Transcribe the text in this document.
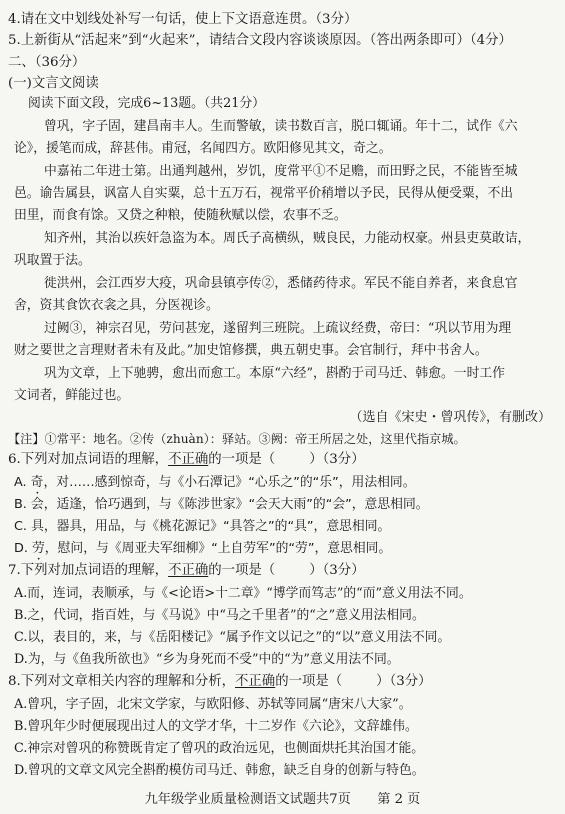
4.请在文中划线处补写一句话，使上下文语意连贯。（3分）
5.上新街从“活起来”到“火起来”，请结合文段内容谈谈原因。（答出两条即可）（4分）
二、（36分）
(一)文言文阅读
阅读下面文段，完成6~13题。（共21分）
曾巩，字子固，建昌南丰人。生而警敏，读书数百言，脱口辄诵。年十二，试作《六
论》，援笔而成，辞甚伟。甫冠，名闻四方。欧阳修见其文，奇之。
中嘉祐二年进士第。出通判越州，岁饥，度常平①不足赡，而田野之民，不能皆至城
邑。谕告属县，讽富人自实粟，总十五万石，视常平价稍增以予民，民得从便受粟，不出
田里，而食有馀。又贷之种粮，使随秋赋以偿，农事不乏。
知齐州，其治以疾奸急盗为本。周氏子高横纵，贼良民，力能动权豪。州县吏莫敢诘，
巩取置于法。
徙洪州，会江西岁大疫，巩命县镇亭传②，悉储药待求。军民不能自养者，来食息官
舍，资其食饮衣衾之具，分医视诊。
过阙③，神宗召见，劳问甚宠，遂留判三班院。上疏议经费，帝曰：“巩以节用为理
财之要世之言理财者未有及此。”加史馆修撰，典五朝史事。会官制行，拜中书舍人。
巩为文章，上下驰骋，愈出而愈工。本原“六经”，斟酌于司马迁、韩愈。一时工作
文词者，鲜能过也。
（选自《宋史・曾巩传》，有删改）
【注】①常平：地名。②传（zhuàn）：驿站。③阙：帝王所居之处，这里代指京城。
6.下列对加点词语的理解，不正确的一项是（	）（3分）
A. 奇，对……感到惊奇，与《小石潭记》“心乐之”的“乐”，用法相同。
B. 会，适逢，恰巧遇到，与《陈涉世家》“会天大雨”的“会”，意思相同。
C. 具，器具，用品，与《桃花源记》“具答之”的“具”，意思相同。
D. 劳，慰问，与《周亚夫军细柳》“上自劳军”的“劳”，意思相同。
7.下列对加点词语的理解，不正确的一项是（	）（3分）
A.而，连词，表顺承，与《<论语>十二章》“博学而笃志”的“而”意义用法不同。
B.之，代词，指百姓，与《马说》中“马之千里者”的“之”意义用法相同。
C.以，表目的，来，与《岳阳楼记》“属予作文以记之”的“以”意义用法不同。
D.为，与《鱼我所欲也》“乡为身死而不受”中的“为”意义用法不同。
8.下列对文章相关内容的理解和分析，不正确的一项是（	）（3分）
A.曾巩，字子固，北宋文学家，与欧阳修、苏轼等同属“唐宋八大家”。
B.曾巩年少时便展现出过人的文学才华，十二岁作《六论》，文辞雄伟。
C.神宗对曾巩的称赞既肯定了曾巩的政治远见，也侧面烘托其治国才能。
D.曾巩的文章文风完全斟酌模仿司马迁、韩愈，缺乏自身的创新与特色。
九年级学业质量检测语文试题共7页 第 2 页
